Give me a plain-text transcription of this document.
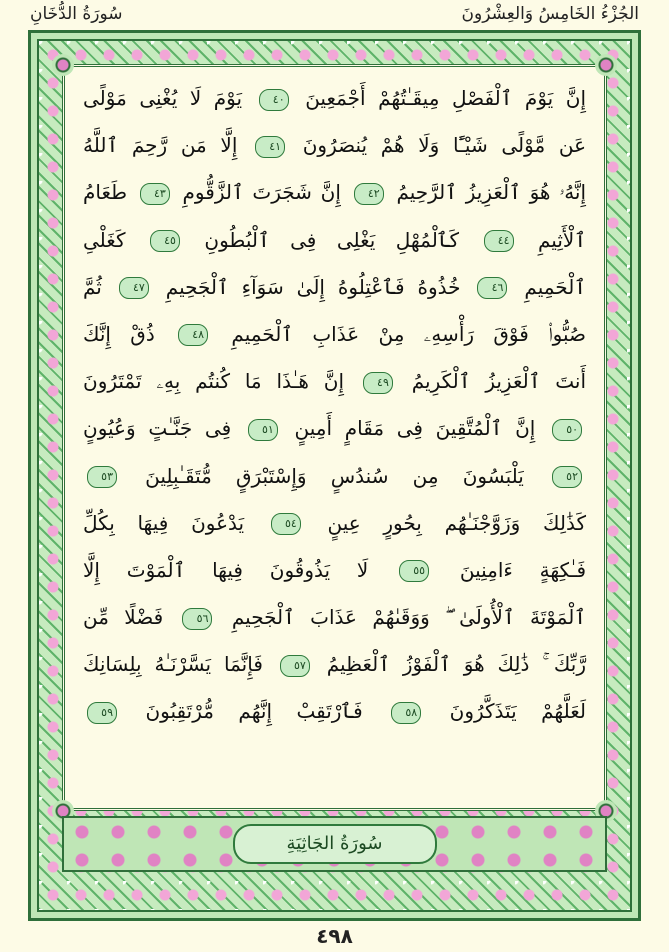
الجُزْءُ الخَامِسُ وَالعِشْرُونَ
سُورَةُ الدُّخَانِ
إِنَّ يَوْمَ ٱلْفَصْلِ مِيقَـٰتُهُمْ أَجْمَعِينَ ٤٠ يَوْمَ لَا يُغْنِى مَوْلًى
عَن مَّوْلًى شَيْـًٔا وَلَا هُمْ يُنصَرُونَ ٤١ إِلَّا مَن رَّحِمَ ٱللَّهُ
إِنَّهُۥ هُوَ ٱلْعَزِيزُ ٱلرَّحِيمُ ٤٢ إِنَّ شَجَرَتَ ٱلزَّقُّومِ ٤٣ طَعَامُ
ٱلْأَثِيمِ ٤٤ كَٱلْمُهْلِ يَغْلِى فِى ٱلْبُطُونِ ٤٥ كَغَلْىِ
ٱلْحَمِيمِ ٤٦ خُذُوهُ فَٱعْتِلُوهُ إِلَىٰ سَوَآءِ ٱلْجَحِيمِ ٤٧ ثُمَّ
صُبُّوا۟ فَوْقَ رَأْسِهِۦ مِنْ عَذَابِ ٱلْحَمِيمِ ٤٨ ذُقْ إِنَّكَ
أَنتَ ٱلْعَزِيزُ ٱلْكَرِيمُ ٤٩ إِنَّ هَـٰذَا مَا كُنتُم بِهِۦ تَمْتَرُونَ
٥٠ إِنَّ ٱلْمُتَّقِينَ فِى مَقَامٍ أَمِينٍ ٥١ فِى جَنَّـٰتٍ وَعُيُونٍ
٥٢ يَلْبَسُونَ مِن سُندُسٍ وَإِسْتَبْرَقٍ مُّتَقَـٰبِلِينَ ٥٣
كَذَٰلِكَ وَزَوَّجْنَـٰهُم بِحُورٍ عِينٍ ٥٤ يَدْعُونَ فِيهَا بِكُلِّ
فَـٰكِهَةٍ ءَامِنِينَ ٥٥ لَا يَذُوقُونَ فِيهَا ٱلْمَوْتَ إِلَّا
ٱلْمَوْتَةَ ٱلْأُولَىٰ ۖ وَوَقَىٰهُمْ عَذَابَ ٱلْجَحِيمِ ٥٦ فَضْلًا مِّن
رَّبِّكَ ۚ ذَٰلِكَ هُوَ ٱلْفَوْزُ ٱلْعَظِيمُ ٥٧ فَإِنَّمَا يَسَّرْنَـٰهُ بِلِسَانِكَ
لَعَلَّهُمْ يَتَذَكَّرُونَ ٥٨ فَٱرْتَقِبْ إِنَّهُم مُّرْتَقِبُونَ ٥٩
سُورَةُ الجَاثِيَةِ
٤٩٨
